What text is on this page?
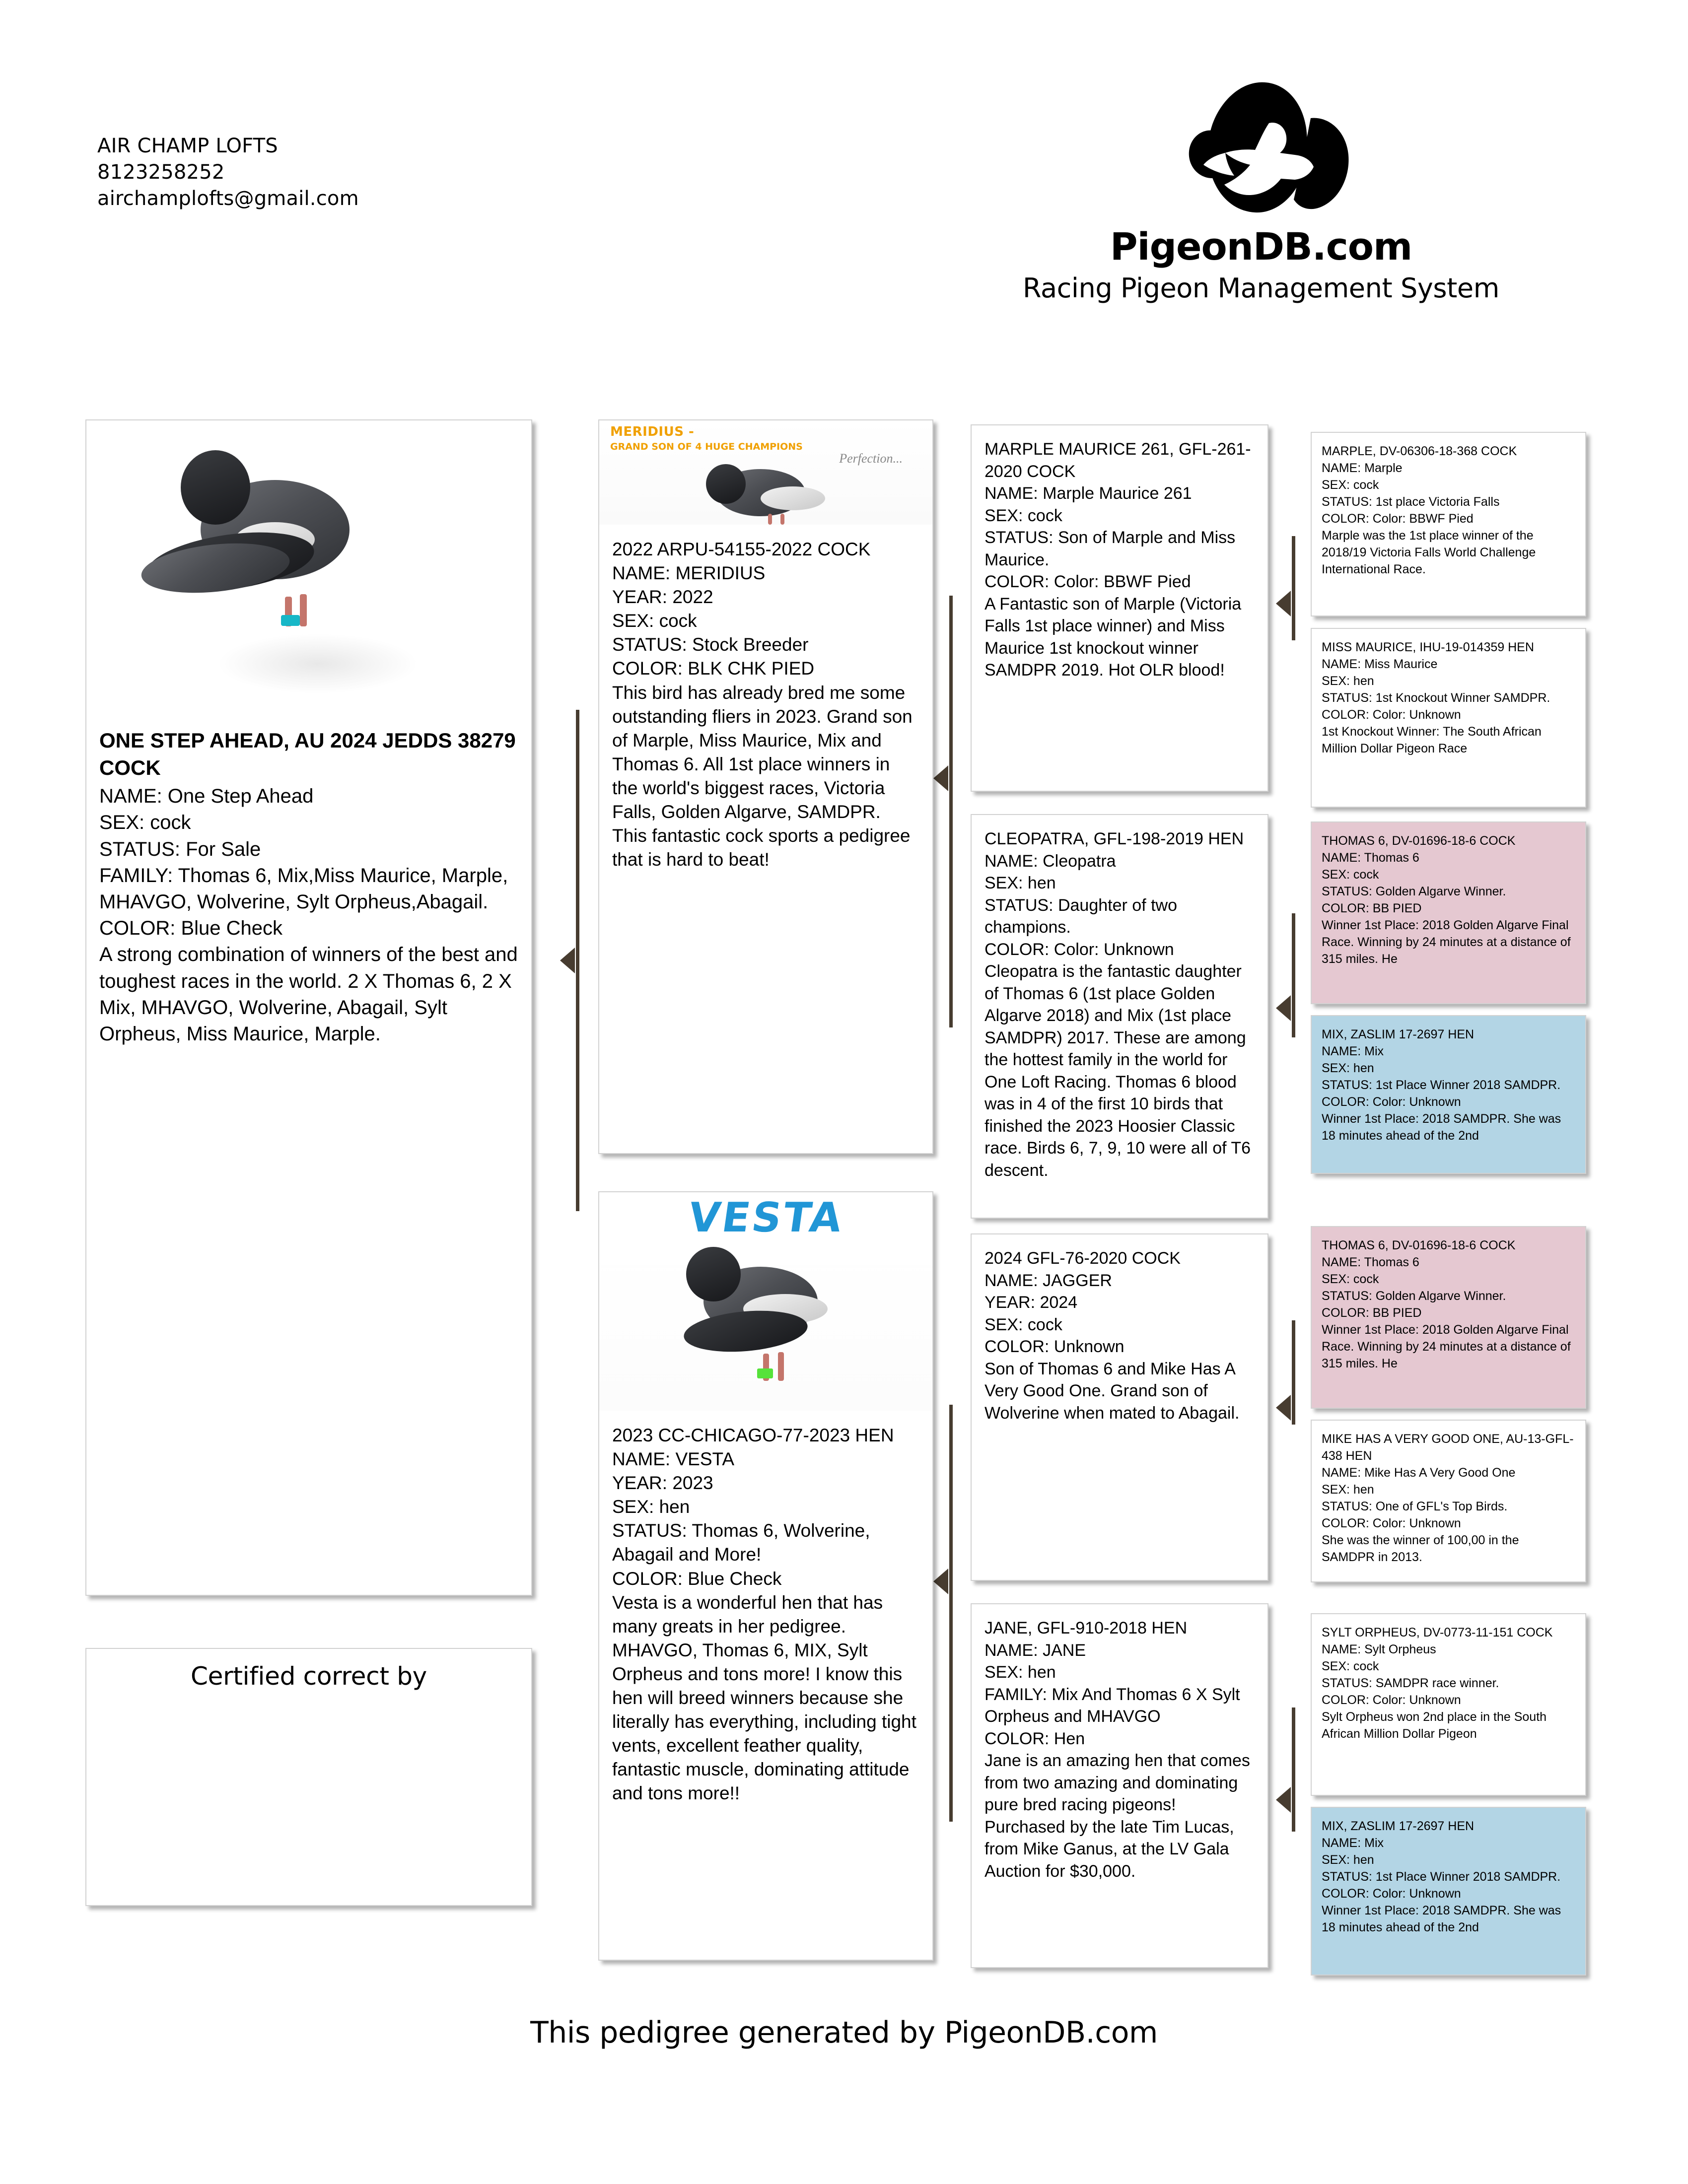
AIR CHAMP LOFTS
8123258252
airchamplofts@gmail.com
PigeonDB.com
Racing Pigeon Management System
ONE STEP AHEAD, AU 2024 JEDDS 38279 COCK
NAME: One Step Ahead
SEX: cock
STATUS: For Sale
FAMILY: Thomas 6, Mix,Miss Maurice, Marple, MHAVGO, Wolverine, Sylt Orpheus,Abagail.
COLOR: Blue Check
A strong combination of winners of the best and toughest races in the world. 2 X Thomas 6, 2 X Mix, MHAVGO, Wolverine, Abagail, Sylt Orpheus, Miss Maurice, Marple.
Certified correct by
MERIDIUS -
GRAND SON OF 4 HUGE CHAMPIONS
Perfection...
2022 ARPU-54155-2022 COCK
NAME: MERIDIUS
YEAR: 2022
SEX: cock
STATUS: Stock Breeder
COLOR: BLK CHK PIED
This bird has already bred me some outstanding fliers in 2023. Grand son of Marple, Miss Maurice, Mix and Thomas 6. All 1st place winners in the world's biggest races, Victoria Falls, Golden Algarve, SAMDPR. This fantastic cock sports a pedigree that is hard to beat!
VESTA
2023 CC-CHICAGO-77-2023 HEN
NAME: VESTA
YEAR: 2023
SEX: hen
STATUS: Thomas 6, Wolverine, Abagail and More!
COLOR: Blue Check
Vesta is a wonderful hen that has many greats in her pedigree. MHAVGO, Thomas 6, MIX, Sylt Orpheus and tons more! I know this hen will breed winners because she literally has everything, including tight vents, excellent feather quality, fantastic muscle, dominating attitude and tons more!!
MARPLE MAURICE 261, GFL-261-2020 COCK
NAME: Marple Maurice 261
SEX: cock
STATUS: Son of Marple and Miss Maurice.
COLOR: Color: BBWF Pied
A Fantastic son of Marple (Victoria Falls 1st place winner) and Miss Maurice 1st knockout winner SAMDPR 2019. Hot OLR blood!
CLEOPATRA, GFL-198-2019 HEN
NAME: Cleopatra
SEX: hen
STATUS: Daughter of two champions.
COLOR: Color: Unknown
Cleopatra is the fantastic daughter of Thomas 6 (1st place Golden Algarve 2018) and Mix (1st place SAMDPR) 2017. These are among the hottest family in the world for One Loft Racing. Thomas 6 blood was in 4 of the first 10 birds that finished the 2023 Hoosier Classic race. Birds 6, 7, 9, 10 were all of T6 descent.
2024 GFL-76-2020 COCK
NAME: JAGGER
YEAR: 2024
SEX: cock
COLOR: Unknown
Son of Thomas 6 and Mike Has A Very Good One. Grand son of Wolverine when mated to Abagail.
JANE, GFL-910-2018 HEN
NAME: JANE
SEX: hen
FAMILY: Mix And Thomas 6 X Sylt Orpheus and MHAVGO
COLOR: Hen
Jane is an amazing hen that comes from two amazing and dominating pure bred racing pigeons! Purchased by the late Tim Lucas, from Mike Ganus, at the LV Gala Auction for $30,000.
MARPLE, DV-06306-18-368 COCK
NAME: Marple
SEX: cock
STATUS: 1st place Victoria Falls
COLOR: Color: BBWF Pied
Marple was the 1st place winner of the 2018/19 Victoria Falls World Challenge International Race.
MISS MAURICE, IHU-19-014359 HEN
NAME: Miss Maurice
SEX: hen
STATUS: 1st Knockout Winner SAMDPR.
COLOR: Color: Unknown
1st Knockout Winner: The South African Million Dollar Pigeon Race
THOMAS 6, DV-01696-18-6 COCK
NAME: Thomas 6
SEX: cock
STATUS: Golden Algarve Winner.
COLOR: BB PIED
Winner 1st Place: 2018 Golden Algarve Final Race. Winning by 24 minutes at a distance of 315 miles. He
MIX, ZASLIM 17-2697 HEN
NAME: Mix
SEX: hen
STATUS: 1st Place Winner 2018 SAMDPR.
COLOR: Color: Unknown
Winner 1st Place: 2018 SAMDPR. She was 18 minutes ahead of the 2nd
THOMAS 6, DV-01696-18-6 COCK
NAME: Thomas 6
SEX: cock
STATUS: Golden Algarve Winner.
COLOR: BB PIED
Winner 1st Place: 2018 Golden Algarve Final Race. Winning by 24 minutes at a distance of 315 miles. He
MIKE HAS A VERY GOOD ONE, AU-13-GFL-438 HEN
NAME: Mike Has A Very Good One
SEX: hen
STATUS: One of GFL's Top Birds.
COLOR: Color: Unknown
She was the winner of 100,00 in the SAMDPR in 2013.
SYLT ORPHEUS, DV-0773-11-151 COCK
NAME: Sylt Orpheus
SEX: cock
STATUS: SAMDPR race winner.
COLOR: Color: Unknown
Sylt Orpheus won 2nd place in the South African Million Dollar Pigeon
MIX, ZASLIM 17-2697 HEN
NAME: Mix
SEX: hen
STATUS: 1st Place Winner 2018 SAMDPR.
COLOR: Color: Unknown
Winner 1st Place: 2018 SAMDPR. She was 18 minutes ahead of the 2nd
This pedigree generated by PigeonDB.com
